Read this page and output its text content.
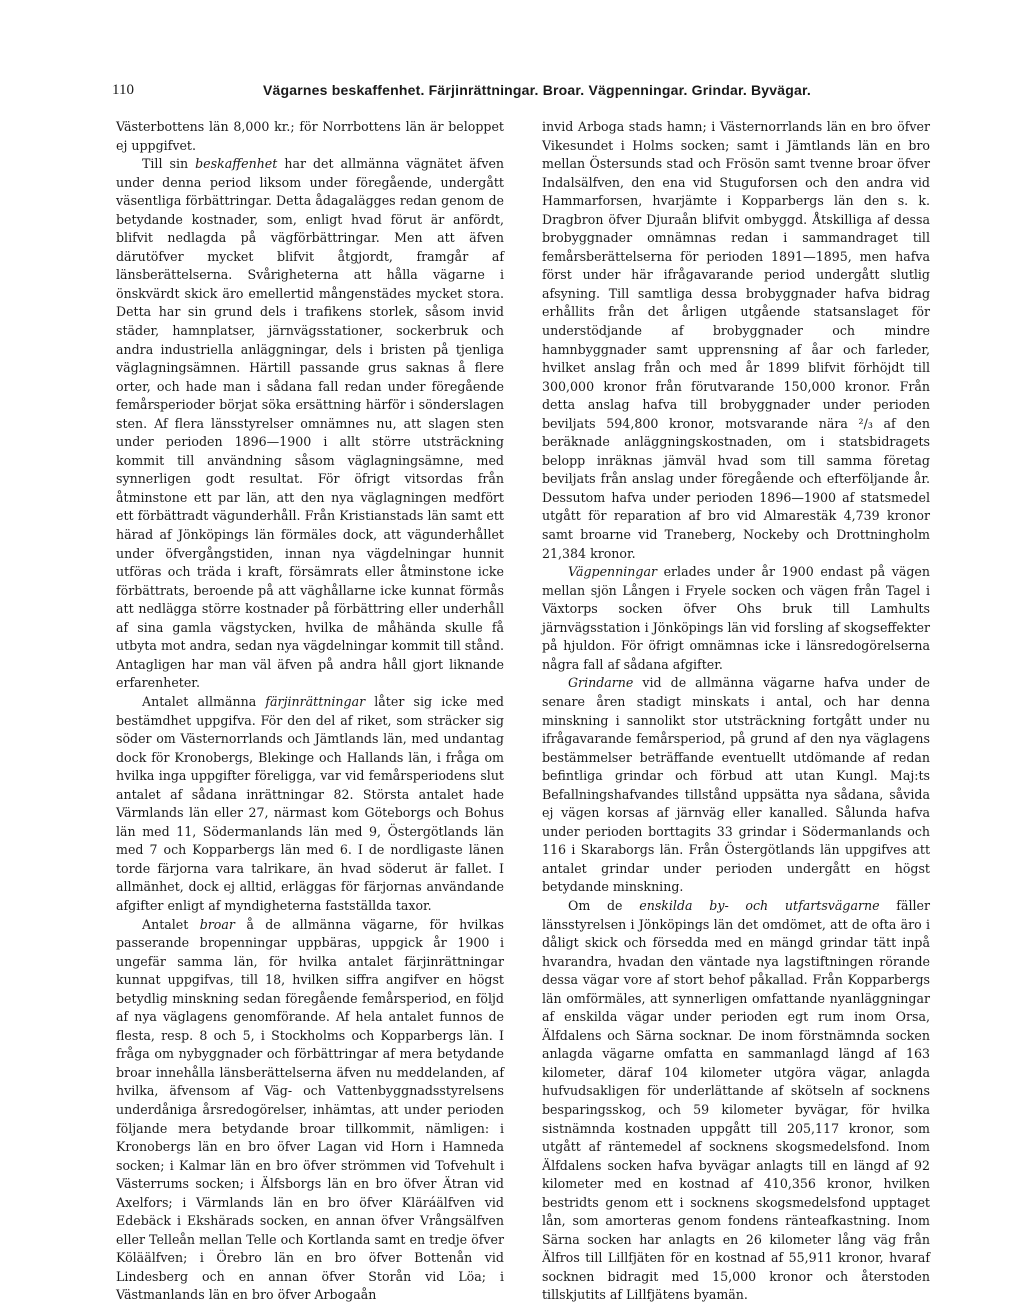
110	Vägarnes beskaffenhet. Färjinrättningar. Broar. Vägpenningar. Grindar. Byvägar.

Västerbottens län 8,000 kr.; för Norrbottens län är beloppet ej uppgifvet.

Till sin beskaffenhet har det allmänna vägnätet äfven under denna period liksom under föregående, undergått väsentliga förbättringar. Detta ådagalägges redan genom de betydande kostnader, som, enligt hvad förut är anfördt, blifvit nedlagda på vägförbättringar. Men att äfven därutöfver mycket blifvit åtgjordt, framgår af länsberättelserna. Svårigheterna att hålla vägarne i önskvärdt skick äro emellertid mångenstädes mycket stora. Detta har sin grund dels i trafikens storlek, såsom invid städer, hamnplatser, järnvägsstationer, sockerbruk och andra industriella anläggningar, dels i bristen på tjenliga väglagningsämnen. Härtill passande grus saknas å flere orter, och hade man i sådana fall redan under föregående femårsperioder börjat söka ersättning härför i sönderslagen sten. Af flera länsstyrelser omnämnes nu, att slagen sten under perioden 1896—1900 i allt större utsträckning kommit till användning såsom väglagningsämne, med synnerligen godt resultat. För öfrigt vitsordas från åtminstone ett par län, att den nya väglagningen medfört ett förbättradt vägunderhåll. Från Kristianstads län samt ett härad af Jönköpings län förmäles dock, att vägunderhållet under öfvergångstiden, innan nya vägdelningar hunnit utföras och träda i kraft, försämrats eller åtminstone icke förbättrats, beroende på att väghållarne icke kunnat förmås att nedlägga större kostnader på förbättring eller underhåll af sina gamla vägstycken, hvilka de måhända skulle få utbyta mot andra, sedan nya vägdelningar kommit till stånd. Antagligen har man väl äfven på andra håll gjort liknande erfarenheter.

Antalet allmänna färjinrättningar låter sig icke med bestämdhet uppgifva. För den del af riket, som sträcker sig söder om Västernorrlands och Jämtlands län, med undantag dock för Kronobergs, Blekinge och Hallands län, i fråga om hvilka inga uppgifter föreligga, var vid femårsperiodens slut antalet af sådana inrättningar 82. Största antalet hade Värmlands län eller 27, närmast kom Göteborgs och Bohus län med 11, Södermanlands län med 9, Östergötlands län med 7 och Kopparbergs län med 6. I de nordligaste länen torde färjorna vara talrikare, än hvad söderut är fallet. I allmänhet, dock ej alltid, erläggas för färjornas användande afgifter enligt af myndigheterna fastställda taxor.

Antalet broar å de allmänna vägarne, för hvilkas passerande bropenningar uppbäras, uppgick år 1900 i ungefär samma län, för hvilka antalet färjinrättningar kunnat uppgifvas, till 18, hvilken siffra angifver en högst betydlig minskning sedan föregående femårsperiod, en följd af nya väglagens genomförande. Af hela antalet funnos de flesta, resp. 8 och 5, i Stockholms och Kopparbergs län. I fråga om nybyggnader och förbättringar af mera betydande broar innehålla länsberättelserna äfven nu meddelanden, af hvilka, äfvensom af Väg- och Vattenbyggnadsstyrelsens underdåniga årsredogörelser, inhämtas, att under perioden följande mera betydande broar tillkommit, nämligen: i Kronobergs län en bro öfver Lagan vid Horn i Hamneda socken; i Kalmar län en bro öfver strömmen vid Tofvehult i Västerrums socken; i Älfsborgs län en bro öfver Ätran vid Axelfors; i Värmlands län en bro öfver Kläráälfven vid Edebäck i Ekshärads socken, en annan öfver Vrångsälfven eller Telleån mellan Telle och Kortlanda samt en tredje öfver Köläälfven; i Örebro län en bro öfver Bottenån vid Lindesberg och en annan öfver Storån vid Löa; i Västmanlands län en bro öfver Arbogaån

invid Arboga stads hamn; i Västernorrlands län en bro öfver Vikesundet i Holms socken; samt i Jämtlands län en bro mellan Östersunds stad och Frösön samt tvenne broar öfver Indalsälfven, den ena vid Stuguforsen och den andra vid Hammarforsen, hvarjämte i Kopparbergs län den s. k. Dragbron öfver Djuraån blifvit ombyggd. Åtskilliga af dessa brobyggnader omnämnas redan i sammandraget till femårsberättelserna för perioden 1891—1895, men hafva först under här ifrågavarande period undergått slutlig afsyning. Till samtliga dessa brobyggnader hafva bidrag erhållits från det årligen utgående statsanslaget för understödjande af brobyggnader och mindre hamnbyggnader samt upprensning af åar och farleder, hvilket anslag från och med år 1899 blifvit förhöjdt till 300,000 kronor från förutvarande 150,000 kronor. Från detta anslag hafva till brobyggnader under perioden beviljats 594,800 kronor, motsvarande nära ²/₃ af den beräknade anläggningskostnaden, om i statsbidragets belopp inräknas jämväl hvad som till samma företag beviljats från anslag under föregående och efterföljande år. Dessutom hafva under perioden 1896—1900 af statsmedel utgått för reparation af bro vid Almarestäk 4,739 kronor samt broarne vid Traneberg, Nockeby och Drottningholm 21,384 kronor.

Vägpenningar erlades under år 1900 endast på vägen mellan sjön Lången i Fryele socken och vägen från Tagel i Växtorps socken öfver Ohs bruk till Lamhults järnvägsstation i Jönköpings län vid forsling af skogseffekter på hjuldon. För öfrigt omnämnas icke i länsredogörelserna några fall af sådana afgifter.

Grindarne vid de allmänna vägarne hafva under de senare åren stadigt minskats i antal, och har denna minskning i sannolikt stor utsträckning fortgått under nu ifrågavarande femårsperiod, på grund af den nya väglagens bestämmelser beträffande eventuellt utdömande af redan befintliga grindar och förbud att utan Kungl. Maj:ts Befallningshafvandes tillstånd uppsätta nya sådana, såvida ej vägen korsas af järnväg eller kanalled. Sålunda hafva under perioden borttagits 33 grindar i Södermanlands och 116 i Skaraborgs län. Från Östergötlands län uppgifves att antalet grindar under perioden undergått en högst betydande minskning.

Om de enskilda by- och utfartsvägarne fäller länsstyrelsen i Jönköpings län det omdömet, att de ofta äro i dåligt skick och försedda med en mängd grindar tätt inpå hvarandra, hvadan den väntade nya lagstiftningen rörande dessa vägar vore af stort behof påkallad. Från Kopparbergs län omförmäles, att synnerligen omfattande nyanläggningar af enskilda vägar under perioden egt rum inom Orsa, Älfdalens och Särna socknar. De inom förstnämnda socken anlagda vägarne omfatta en sammanlagd längd af 163 kilometer, däraf 104 kilometer utgöra vägar, anlagda hufvudsakligen för underlättande af skötseln af socknens besparingsskog, och 59 kilometer byvägar, för hvilka sistnämnda kostnaden uppgått till 205,117 kronor, som utgått af räntemedel af socknens skogsmedelsfond. Inom Älfdalens socken hafva byvägar anlagts till en längd af 92 kilometer med en kostnad af 410,356 kronor, hvilken bestridts genom ett i socknens skogsmedelsfond upptaget lån, som amorteras genom fondens ränteafkastning. Inom Särna socken har anlagts en 26 kilometer lång väg från Älfros till Lillfjäten för en kostnad af 55,911 kronor, hvaraf socknen bidragit med 15,000 kronor och återstoden tillskjutits af Lillfjätens byamän.
